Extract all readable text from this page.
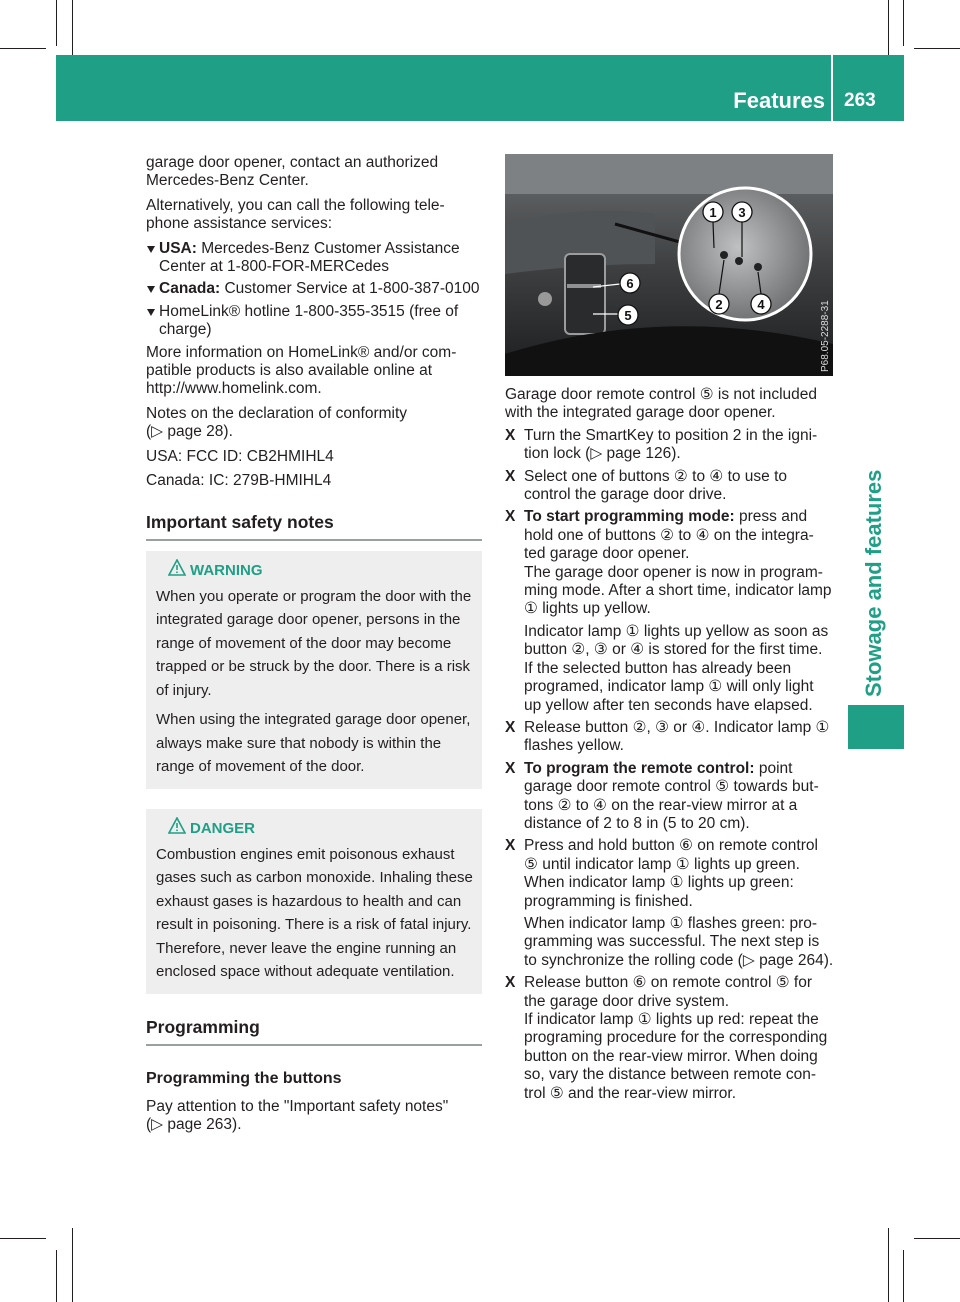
Features 263
Stowage and features

garage door opener, contact an authorized Mercedes-Benz Center.

Alternatively, you can call the following tele-phone assistance services:

USA: Mercedes-Benz Customer Assistance Center at 1-800-FOR-MERCedes
Canada: Customer Service at 1-800-387-0100
HomeLink® hotline 1-800-355-3515 (free of charge)

More information on HomeLink® and/or com-patible products is also available online at http://www.homelink.com.

Notes on the declaration of conformity

(▷ page 28).

USA: FCC ID: CB2HMIHL4

Canada: IC: 279B-HMIHL4

Important safety notes
WARNING

When you operate or program the door with the integrated garage door opener, persons in the range of movement of the door may become trapped or be struck by the door. There is a risk of injury.

When using the integrated garage door opener, always make sure that nobody is within the range of movement of the door.

DANGER

Combustion engines emit poisonous exhaust gases such as carbon monoxide. Inhaling these exhaust gases is hazardous to health and can result in poisoning. There is a risk of fatal injury. Therefore, never leave the engine running an enclosed space without adequate ventilation.

Programming
Programming the buttons

Pay attention to the "Important safety notes"

(▷ page 263).

1 3
2	4
6
5	P68.05-2288-31

Garage door remote control ⑤ is not included with the integrated garage door opener.

X Turn the SmartKey to position 2 in the igni-tion lock (▷ page 126).
X Select one of buttons ② to ④ to use to control the garage door drive.
X To start programming mode: press and hold one of buttons ② to ④ on the integra-ted garage door opener.
The garage door opener is now in program-ming mode. After a short time, indicator lamp ① lights up yellow.
Indicator lamp ① lights up yellow as soon as button ②, ③ or ④ is stored for the first time. If the selected button has already been programed, indicator lamp ① will only light up yellow after ten seconds have elapsed.
X Release button ②, ③ or ④. Indicator lamp ① flashes yellow.
X To program the remote control: point garage door remote control ⑤ towards but-tons ② to ④ on the rear-view mirror at a distance of 2 to 8 in (5 to 20 cm).
X Press and hold button ⑥ on remote control ⑤ until indicator lamp ① lights up green.
When indicator lamp ① lights up green: programming is finished.
When indicator lamp ① flashes green: pro-gramming was successful. The next step is to synchronize the rolling code (▷ page 264).
X Release button ⑥ on remote control ⑤ for the garage door drive system.
If indicator lamp ① lights up red: repeat the programing procedure for the corresponding button on the rear-view mirror. When doing so, vary the distance between remote con-trol ⑤ and the rear-view mirror.
